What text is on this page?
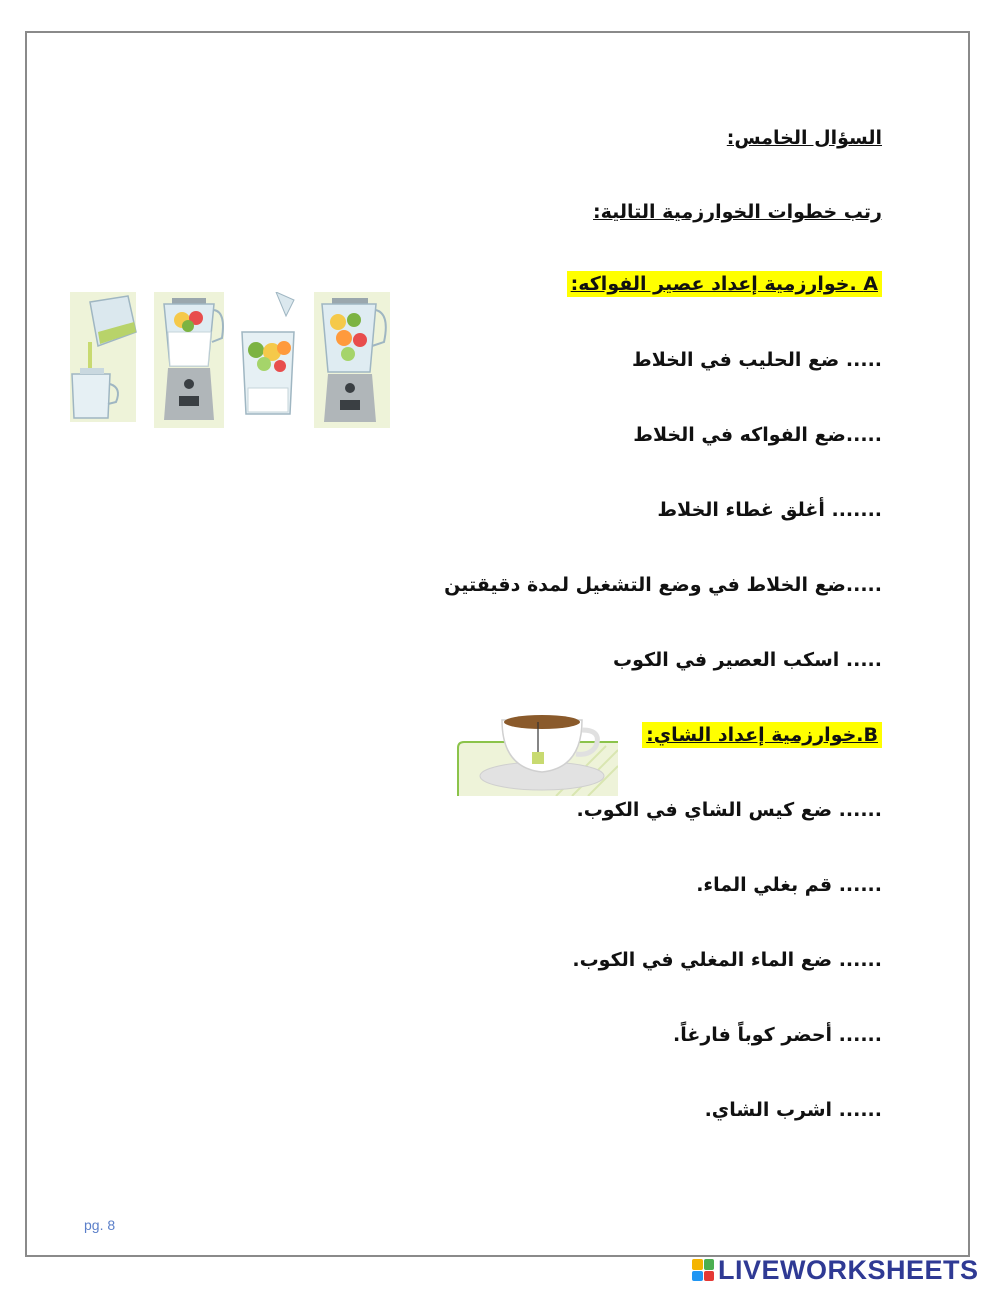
السؤال الخامس:
رتب خطوات الخوارزمية التالية:
A .خوارزمية إعداد عصير الفواكه:
..... ضع الحليب في الخلاط
.....ضع الفواكه في الخلاط
....... أغلق غطاء الخلاط
.....ضع الخلاط في وضع التشغيل لمدة دقيقتين
..... اسكب العصير في الكوب
B.خوارزمية إعداد الشاي:
...... ضع كيس الشاي في الكوب.
...... قم بغلي الماء.
...... ضع الماء المغلي في الكوب.
...... أحضر كوباً فارغاً.
...... اشرب الشاي.
pg. 8
LIVEWORKSHEETS
